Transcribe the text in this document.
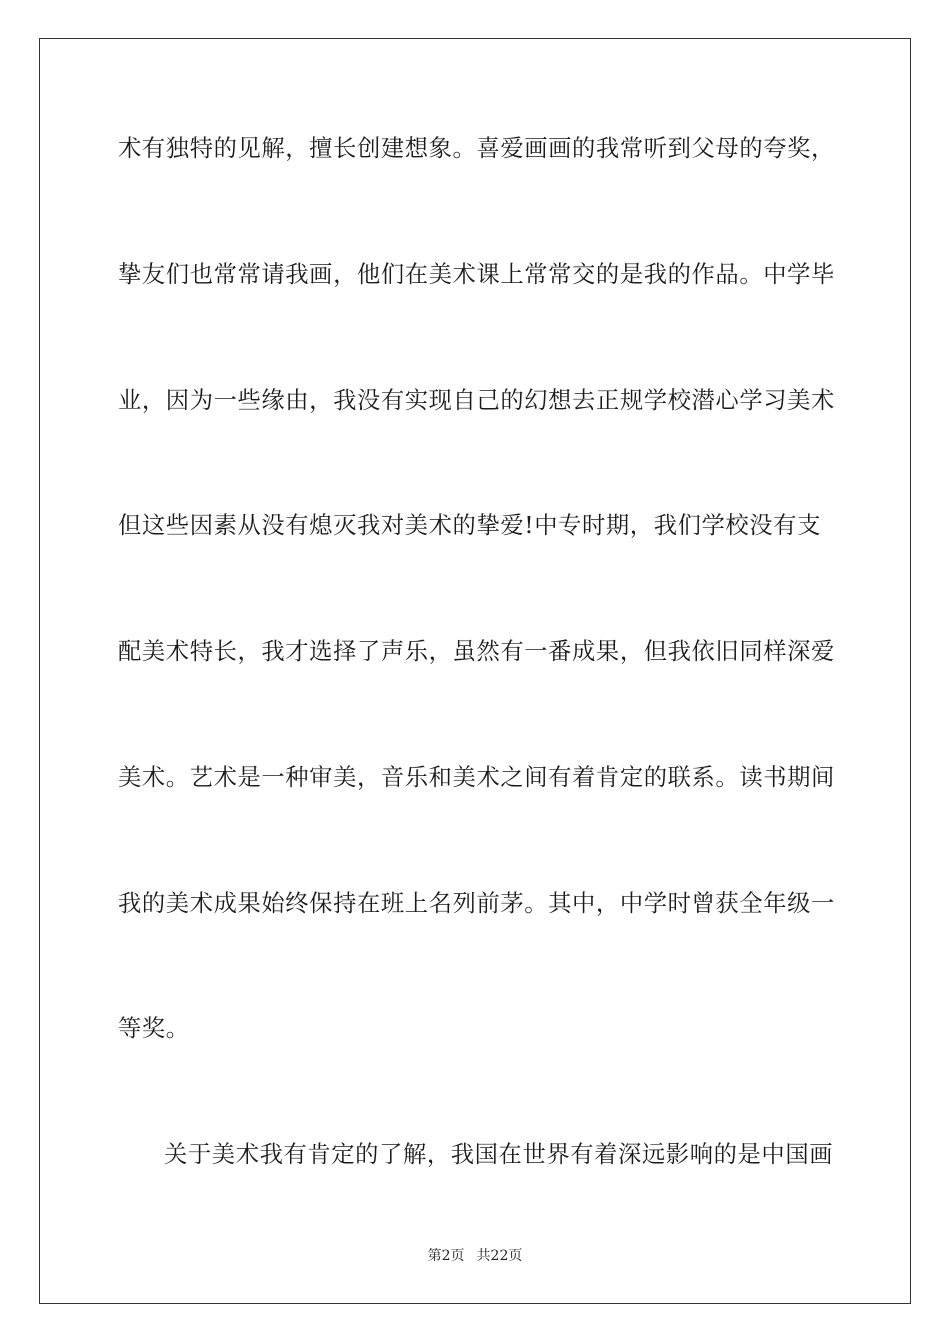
术有独特的见解，擅长创建想象。喜爱画画的我常听到父母的夸奖，
挚友们也常常请我画，他们在美术课上常常交的是我的作品。中学毕
业，因为一些缘由，我没有实现自己的幻想去正规学校潜心学习美术
但这些因素从没有熄灭我对美术的挚爱!中专时期，我们学校没有支
配美术特长，我才选择了声乐，虽然有一番成果，但我依旧同样深爱
美术。艺术是一种审美，音乐和美术之间有着肯定的联系。读书期间
我的美术成果始终保持在班上名列前茅。其中，中学时曾获全年级一
等奖。
关于美术我有肯定的了解，我国在世界有着深远影响的是中国画
第2页 共22页
